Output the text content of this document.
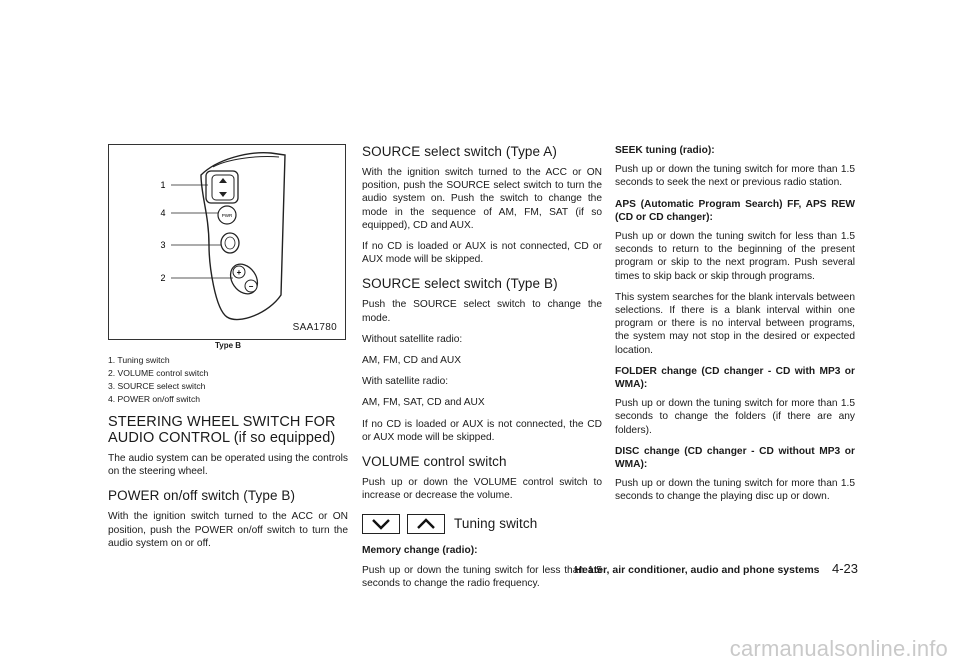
+
−
1
4
3
2
PWR
SAA1780
Type B
1. Tuning switch
2. VOLUME control switch
3. SOURCE select switch
4. POWER on/off switch
STEERING WHEEL SWITCH FOR AUDIO CONTROL (if so equipped)

The audio system can be operated using the controls on the steering wheel.

POWER on/off switch (Type B)

With the ignition switch turned to the ACC or ON position, push the POWER on/off switch to turn the audio system on or off.

SOURCE select switch (Type A)

With the ignition switch turned to the ACC or ON position, push the SOURCE select switch to turn the audio system on. Push the switch to change the mode in the sequence of AM, FM, SAT (if so equipped), CD and AUX.

If no CD is loaded or AUX is not connected, CD or AUX mode will be skipped.

SOURCE select switch (Type B)

Push the SOURCE select switch to change the mode.

Without satellite radio:

AM, FM, CD and AUX

With satellite radio:

AM, FM, SAT, CD and AUX

If no CD is loaded or AUX is not connected, the CD or AUX mode will be skipped.

VOLUME control switch

Push up or down the VOLUME control switch to increase or decrease the volume.

Tuning switch

Memory change (radio):

Push up or down the tuning switch for less than 1.5 seconds to change the radio frequency.

SEEK tuning (radio):

Push up or down the tuning switch for more than 1.5 seconds to seek the next or previous radio station.

APS (Automatic Program Search) FF, APS REW (CD or CD changer):

Push up or down the tuning switch for less than 1.5 seconds to return to the beginning of the present program or skip to the next program. Push several times to skip back or skip through programs.

This system searches for the blank intervals between selections. If there is a blank interval within one program or there is no interval between programs, the system may not stop in the desired or expected location.

FOLDER change (CD changer - CD with MP3 or WMA):

Push up or down the tuning switch for more than 1.5 seconds to change the folders (if there are any folders).

DISC change (CD changer - CD without MP3 or WMA):

Push up or down the tuning switch for more than 1.5 seconds to change the playing disc up or down.

Heater, air conditioner, audio and phone systems 4-23
carmanualsonline.info
